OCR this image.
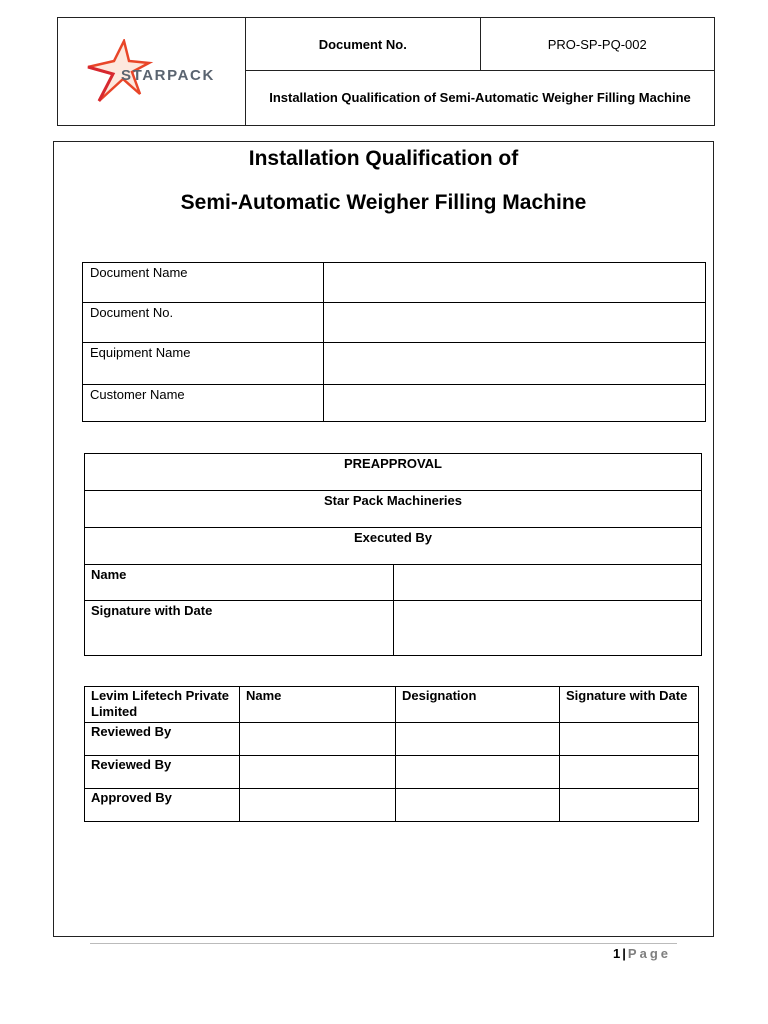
STARPACK
	Document No.	PRO-SP-PQ-002
Installation Qualification of Semi-Automatic Weigher Filling Machine
Installation Qualification of
Semi-Automatic Weigher Filling Machine
Document Name	
Document No.	
Equipment Name	
Customer Name	
PREAPPROVAL	
Star Pack Machineries	
Executed By	
Name	
Signature with Date	
Levim Lifetech Private Limited	Name	Designation	Signature with Date
Reviewed By			
Reviewed By			
Approved By			
1 | Page
